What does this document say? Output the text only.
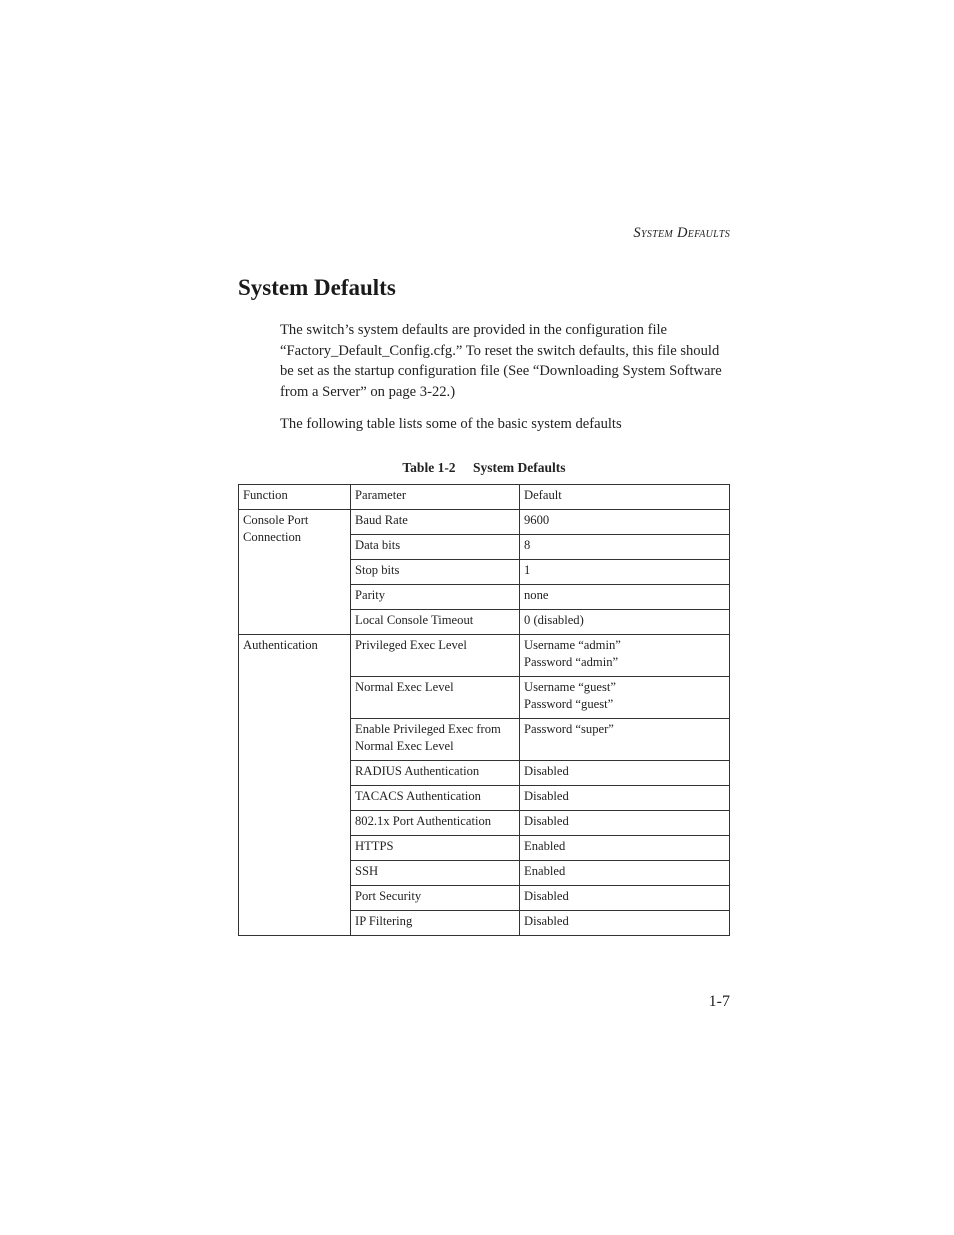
System Defaults
System Defaults

The switch’s system defaults are provided in the configuration file “Factory_Default_Config.cfg.” To reset the switch defaults, this file should be set as the startup configuration file (See “Downloading System Software from a Server” on page 3-22.)

The following table lists some of the basic system defaults

Table 1-2 System Defaults
Function	Parameter	Default
Console Port Connection	Baud Rate	9600
	Data bits	8
	Stop bits	1
	Parity	none
	Local Console Timeout	0 (disabled)
Authentication	Privileged Exec Level	Username “admin”
Password “admin”

	Normal Exec Level	Username “guest”
Password “guest”

	Enable Privileged Exec from Normal Exec Level	Password “super”
	RADIUS Authentication	Disabled
	TACACS Authentication	Disabled
	802.1x Port Authentication	Disabled
	HTTPS	Enabled
	SSH	Enabled
	Port Security	Disabled
	IP Filtering	Disabled
1-7
